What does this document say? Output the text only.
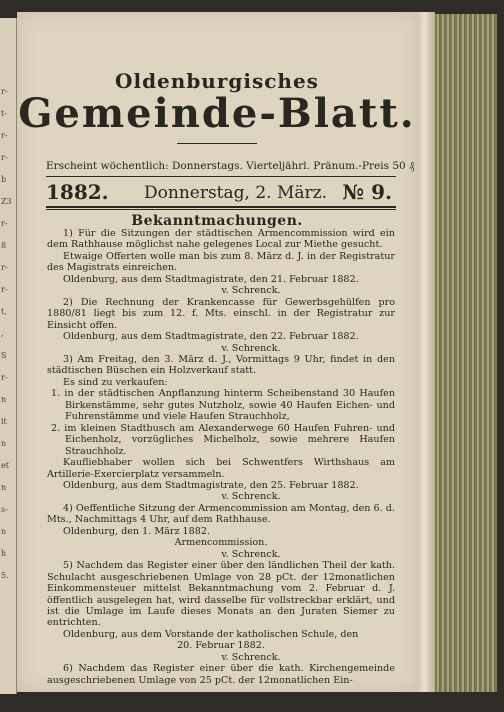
r-
t-
r-
r-
b
Z3
r-
8
r-
r-
t,
,
S
r-
n
it
n
et
n
s-
n
h
5.
Oldenburgisches
Gemeinde-Blatt.
Erscheint wöchentlich: Donnerstags. Vierteljährl. Pränum.-Preis 50 ₰
1882. Donnerstag, 2. März. № 9.
Bekanntmachungen.

1) Für die Sitzungen der städtischen Armencommission wird ein dem Rathhause möglichst nahe gelegenes Local zur Miethe gesucht.

Etwaige Offerten wolle man bis zum 8. März d. J. in der Registratur des Magistrats einreichen.

Oldenburg, aus dem Stadtmagistrate, den 21. Februar 1882.

v. Schrenck.

2) Die Rechnung der Krankencasse für Gewerbsgehülfen pro 1880/81 liegt bis zum 12. f. Mts. einschl. in der Registratur zur Einsicht offen.

Oldenburg, aus dem Stadtmagistrate, den 22. Februar 1882.

v. Schrenck.

3) Am Freitag, den 3. März d. J., Vormittags 9 Uhr, findet in den städtischen Büschen ein Holzverkauf statt.

Es sind zu verkaufen:

1. in der städtischen Anpflanzung hinterm Scheibenstand 30 Haufen Birkenstämme, sehr gutes Nutzholz, sowie 40 Haufen Eichen- und Fuhrenstämme und viele Haufen Strauchholz,

2. im kleinen Stadtbusch am Alexanderwege 60 Haufen Fuhren- und Eichenholz, vorzügliches Michelholz, sowie mehrere Haufen Strauchholz.

Kaufliebhaber wollen sich bei Schwentfers Wirthshaus am Artillerie-Exercierplatz versammeln.

Oldenburg, aus dem Stadtmagistrate, den 25. Februar 1882.

v. Schrenck.

4) Oeffentliche Sitzung der Armencommission am Montag, den 6. d. Mts., Nachmittags 4 Uhr, auf dem Rathhause.

Oldenburg, den 1. März 1882.

Armencommission.

v. Schrenck.

5) Nachdem das Register einer über den ländlichen Theil der kath. Schulacht ausgeschriebenen Umlage von 28 pCt. der 12monatlichen Einkommensteuer mittelst Bekanntmachung vom 2. Februar d. J. öffentlich ausgelegen hat, wird dasselbe für vollstreckbar erklärt, und ist die Umlage im Laufe dieses Monats an den Juraten Siemer zu entrichten.

Oldenburg, aus dem Vorstande der katholischen Schule, den

20. Februar 1882.

v. Schrenck.

6) Nachdem das Register einer über die kath. Kirchengemeinde ausgeschriebenen Umlage von 25 pCt. der 12monatlichen Ein-
